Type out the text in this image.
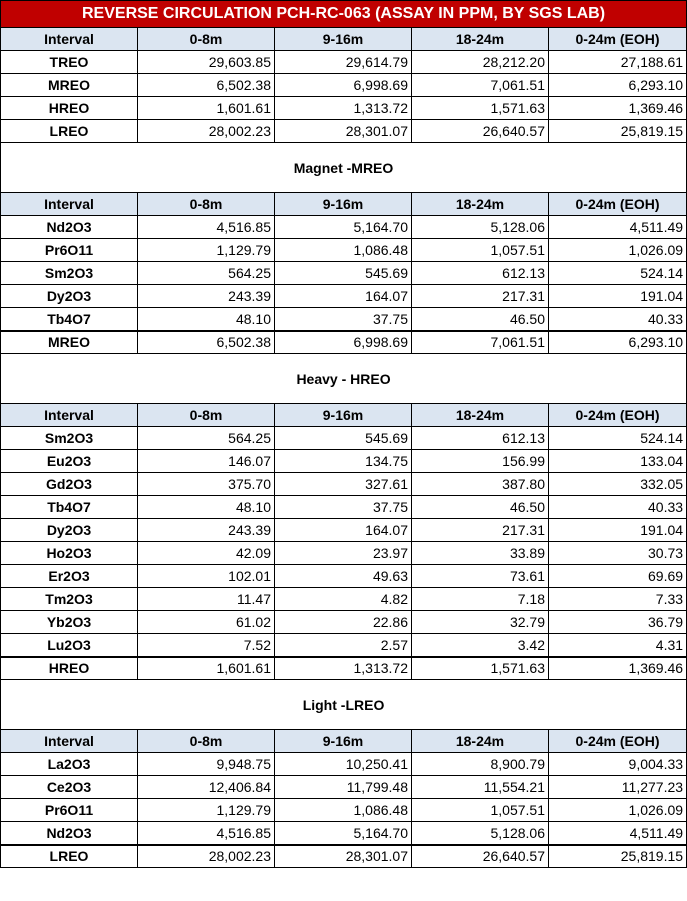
REVERSE CIRCULATION PCH-RC-063 (ASSAY IN PPM, BY SGS LAB)				
Interval	0-8m	9-16m	18-24m	0-24m (EOH)
TREO	29,603.85	29,614.79	28,212.20	27,188.61
MREO	6,502.38	6,998.69	7,061.51	6,293.10
HREO	1,601.61	1,313.72	1,571.63	1,369.46
LREO	28,002.23	28,301.07	26,640.57	25,819.15
Magnet -MREO				
Interval	0-8m	9-16m	18-24m	0-24m (EOH)
Nd2O3	4,516.85	5,164.70	5,128.06	4,511.49
Pr6O11	1,129.79	1,086.48	1,057.51	1,026.09
Sm2O3	564.25	545.69	612.13	524.14
Dy2O3	243.39	164.07	217.31	191.04
Tb4O7	48.10	37.75	46.50	40.33
MREO	6,502.38	6,998.69	7,061.51	6,293.10
Heavy - HREO				
Interval	0-8m	9-16m	18-24m	0-24m (EOH)
Sm2O3	564.25	545.69	612.13	524.14
Eu2O3	146.07	134.75	156.99	133.04
Gd2O3	375.70	327.61	387.80	332.05
Tb4O7	48.10	37.75	46.50	40.33
Dy2O3	243.39	164.07	217.31	191.04
Ho2O3	42.09	23.97	33.89	30.73
Er2O3	102.01	49.63	73.61	69.69
Tm2O3	11.47	4.82	7.18	7.33
Yb2O3	61.02	22.86	32.79	36.79
Lu2O3	7.52	2.57	3.42	4.31
HREO	1,601.61	1,313.72	1,571.63	1,369.46
Light -LREO				
Interval	0-8m	9-16m	18-24m	0-24m (EOH)
La2O3	9,948.75	10,250.41	8,900.79	9,004.33
Ce2O3	12,406.84	11,799.48	11,554.21	11,277.23
Pr6O11	1,129.79	1,086.48	1,057.51	1,026.09
Nd2O3	4,516.85	5,164.70	5,128.06	4,511.49
LREO	28,002.23	28,301.07	26,640.57	25,819.15
